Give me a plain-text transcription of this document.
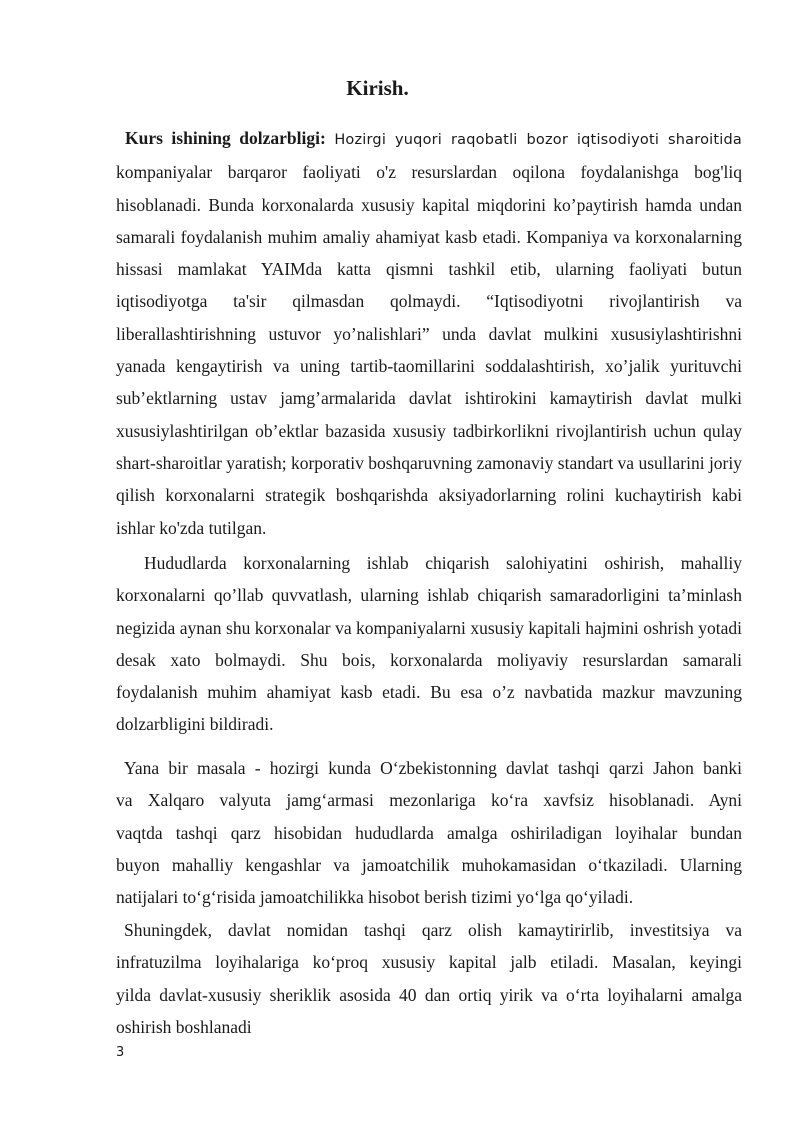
Kirish.
Kurs ishining dolzarbligi: Hozirgi yuqori raqobatli bozor iqtisodiyoti sharoitida kompaniyalar barqaror faoliyati o'z resurslardan oqilona foydalanishga bog'liq hisoblanadi. Bunda korxonalarda xususiy kapital miqdorini ko’paytirish hamda undan samarali foydalanish muhim amaliy ahamiyat kasb etadi. Kompaniya va korxonalarning hissasi mamlakat YAIMda katta qismni tashkil etib, ularning faoliyati butun iqtisodiyotga ta'sir qilmasdan qolmaydi. “Iqtisodiyotni rivojlantirish va liberallashtirishning ustuvor yo’nalishlari” unda davlat mulkini xususiylashtirishni yanada kengaytirish va uning tartib-taomillarini soddalashtirish, xo’jalik yurituvchi sub’ektlarning ustav jamg’armalarida davlat ishtirokini kamaytirish davlat mulki xususiylashtirilgan ob’ektlar bazasida xususiy tadbirkorlikni rivojlantirish uchun qulay shart-sharoitlar yaratish; korporativ boshqaruvning zamonaviy standart va usullarini joriy qilish korxonalarni strategik boshqarishda aksiyadorlarning rolini kuchaytirish kabi ishlar ko'zda tutilgan.
Hududlarda korxonalarning ishlab chiqarish salohiyatini oshirish, mahalliy korxonalarni qo’llab quvvatlash, ularning ishlab chiqarish samaradorligini ta’minlash negizida aynan shu korxonalar va kompaniyalarni xususiy kapitali hajmini oshrish yotadi desak xato bolmaydi. Shu bois, korxonalarda moliyaviy resurslardan samarali foydalanish muhim ahamiyat kasb etadi. Bu esa o’z navbatida mazkur mavzuning dolzarbligini bildiradi.
Yana bir masala - hozirgi kunda O‘zbekistonning davlat tashqi qarzi Jahon banki
va Xalqaro valyuta jamg‘armasi mezonlariga ko‘ra xavfsiz hisoblanadi. Ayni
vaqtda tashqi qarz hisobidan hududlarda amalga oshiriladigan loyihalar bundan
buyon mahalliy kengashlar va jamoatchilik muhokamasidan o‘tkaziladi. Ularning
natijalari to‘g‘risida jamoatchilikka hisobot berish tizimi yo‘lga qo‘yiladi.
Shuningdek, davlat nomidan tashqi qarz olish kamaytirirlib, investitsiya va
infratuzilma loyihalariga ko‘proq xususiy kapital jalb etiladi. Masalan, keyingi
yilda davlat-xususiy sheriklik asosida 40 dan ortiq yirik va o‘rta loyihalarni amalga
oshirish boshlanadi
3
